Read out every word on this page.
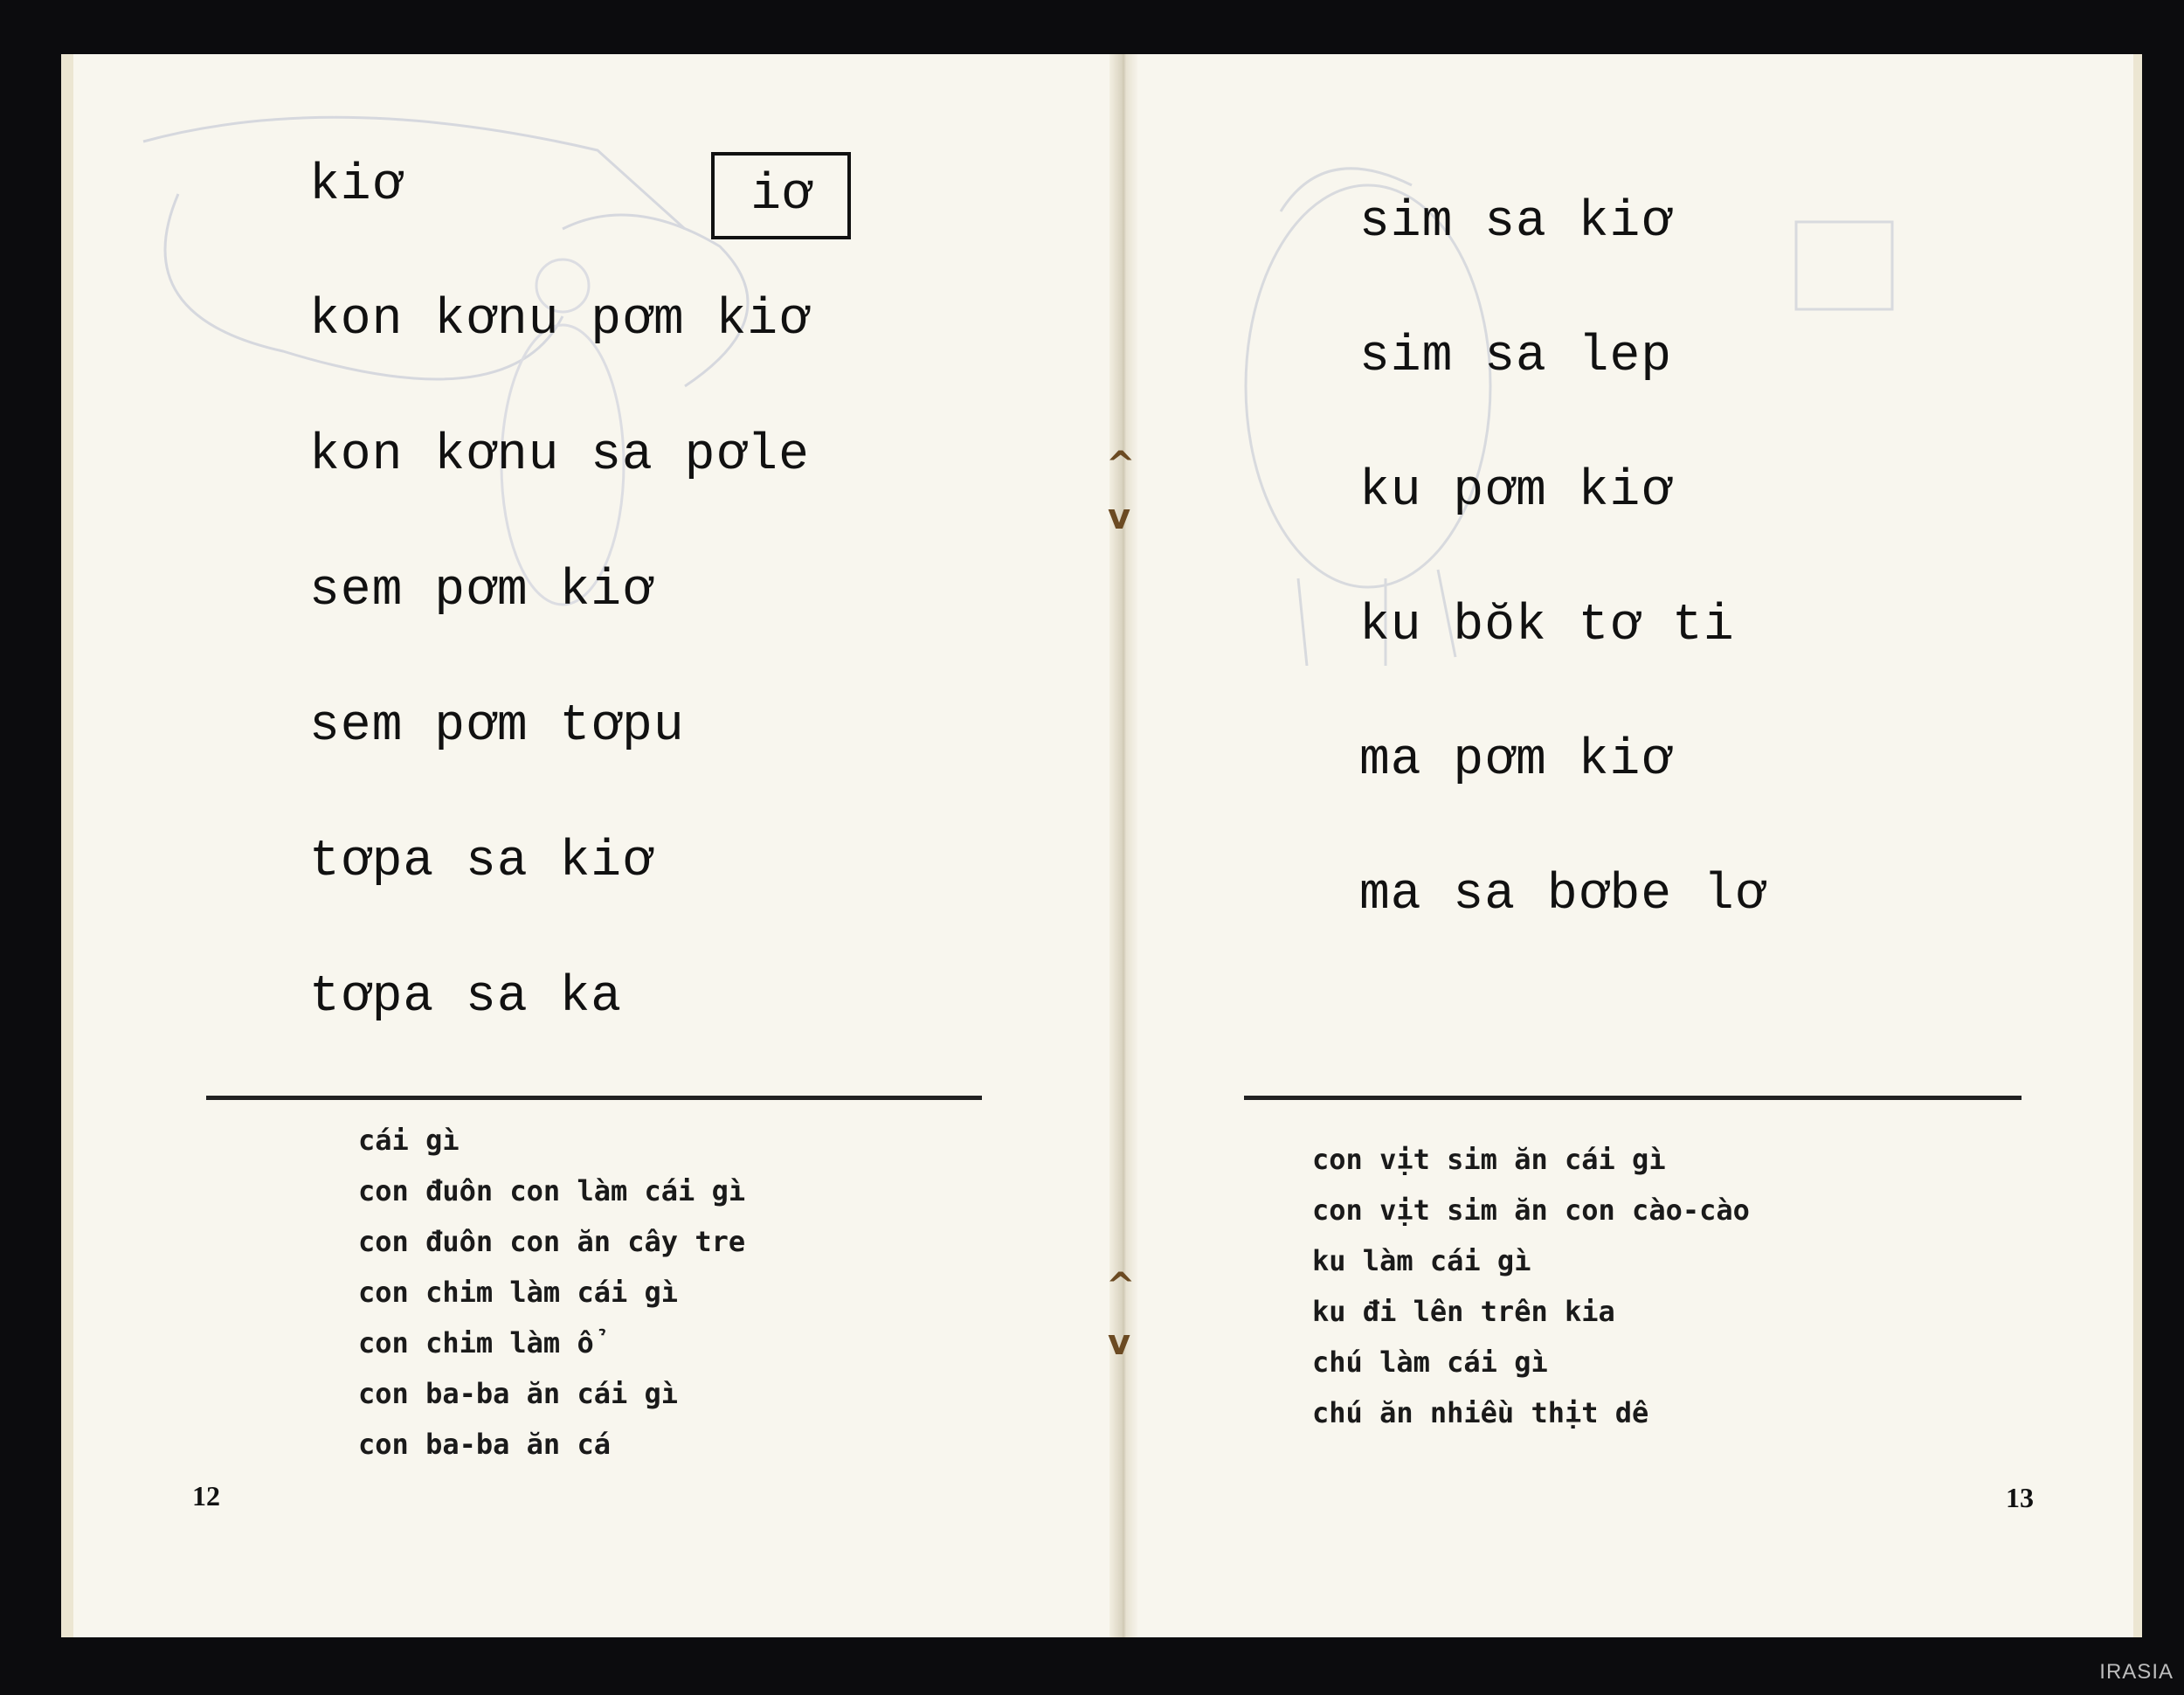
iơ
kiơ
kon kơnu pơm kiơ
kon kơnu sa pơle
sem pơm kiơ
sem pơm tơpu
tơpa sa kiơ
tơpa sa ka
cái gì
con đuôn con làm cái gì
con đuôn con ăn cây tre
con chim làm cái gì
con chim làm ổ
con ba-ba ăn cái gì
con ba-ba ăn cá
12
sim sa kiơ
sim sa lep
ku pơm kiơ
ku bŏk tơ ti
ma pơm kiơ
ma sa bơbe lơ
con vịt sim ăn cái gì
con vịt sim ăn con cào-cào
ku làm cái gì
ku đi lên trên kia
chú làm cái gì
chú ăn nhiều thịt dê
13
^
v
^
v
IRASIA
